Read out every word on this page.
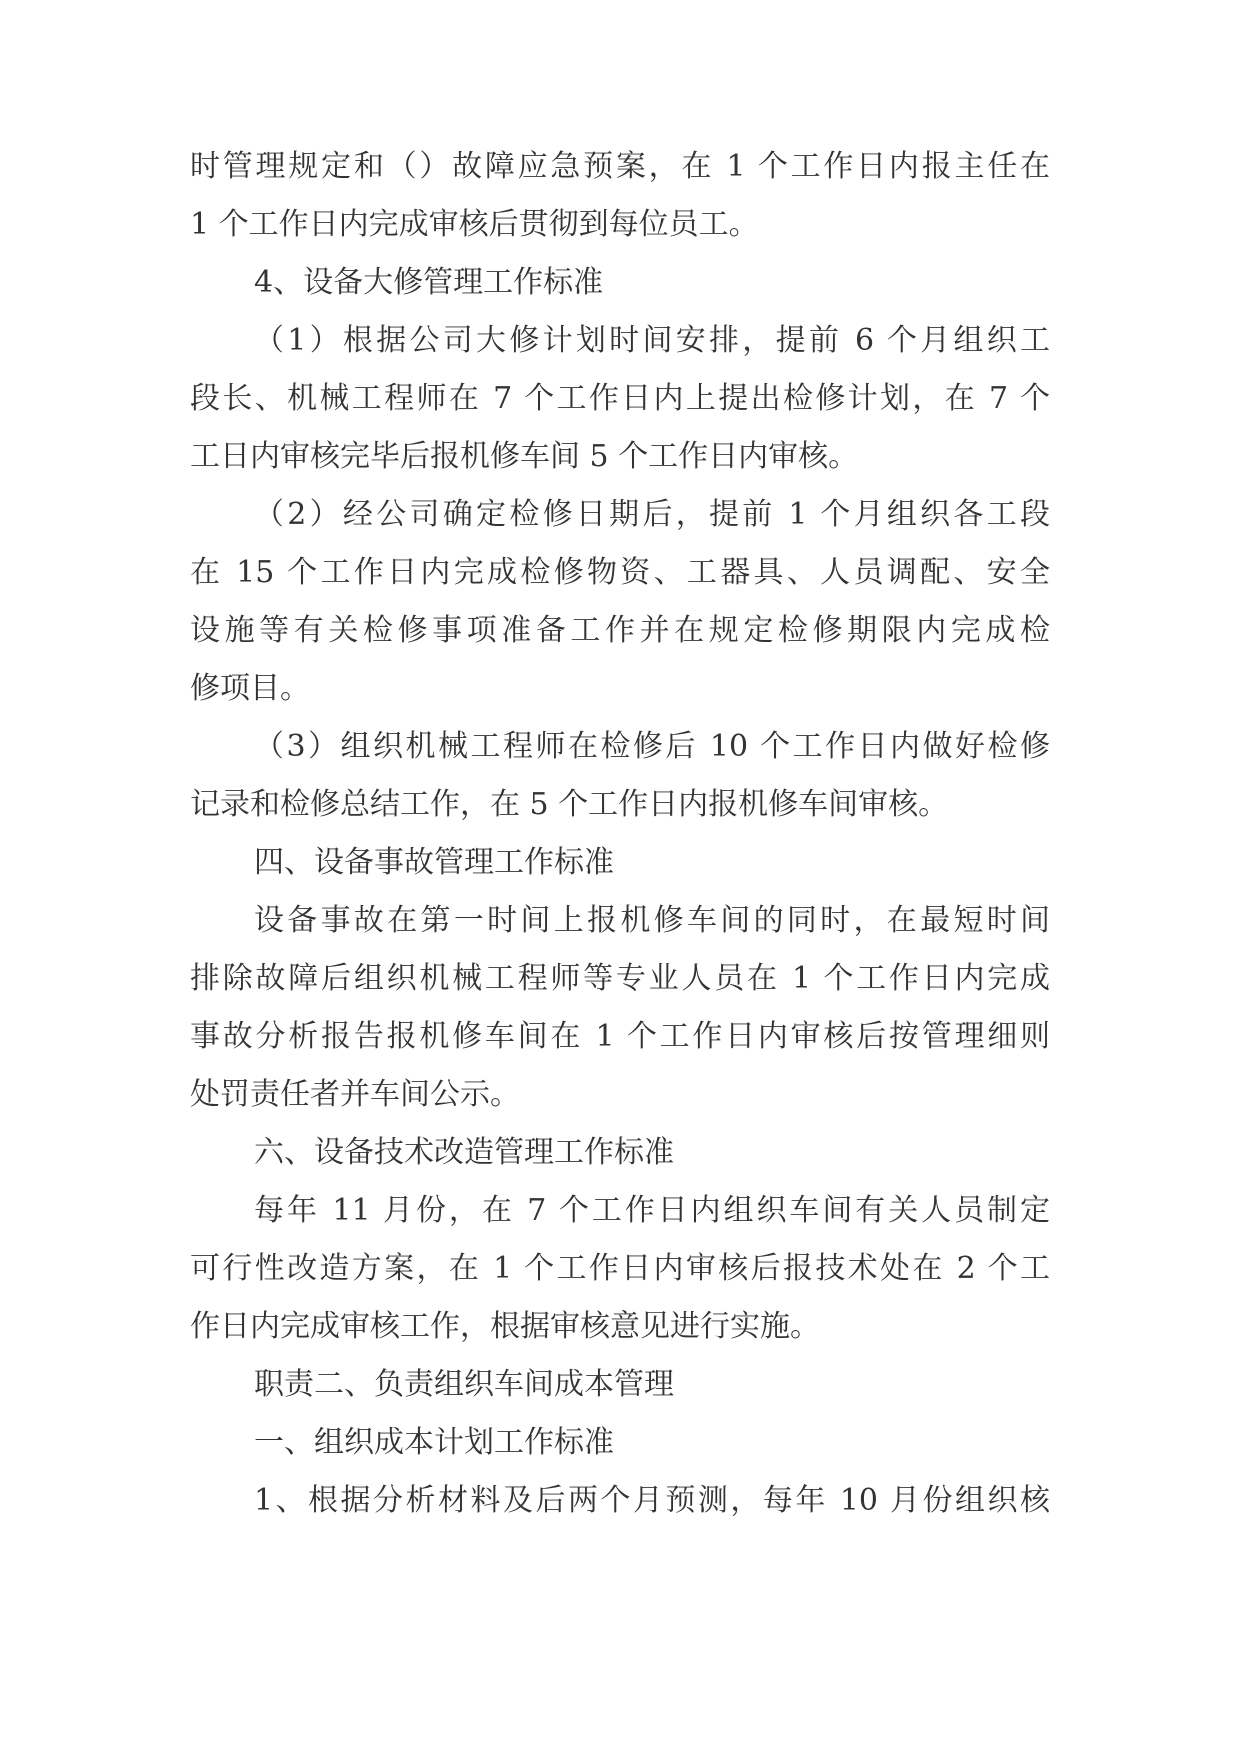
时管理规定和（）故障应急预案，在 1 个工作日内报主任在
1 个工作日内完成审核后贯彻到每位员工。
4、设备大修管理工作标准
（1）根据公司大修计划时间安排，提前 6 个月组织工
段长、机械工程师在 7 个工作日内上提出检修计划，在 7 个
工日内审核完毕后报机修车间 5 个工作日内审核。
（2）经公司确定检修日期后，提前 1 个月组织各工段
在 15 个工作日内完成检修物资、工器具、人员调配、安全
设施等有关检修事项准备工作并在规定检修期限内完成检
修项目。
（3）组织机械工程师在检修后 10 个工作日内做好检修
记录和检修总结工作，在 5 个工作日内报机修车间审核。
四、设备事故管理工作标准
设备事故在第一时间上报机修车间的同时，在最短时间
排除故障后组织机械工程师等专业人员在 1 个工作日内完成
事故分析报告报机修车间在 1 个工作日内审核后按管理细则
处罚责任者并车间公示。
六、设备技术改造管理工作标准
每年 11 月份，在 7 个工作日内组织车间有关人员制定
可行性改造方案，在 1 个工作日内审核后报技术处在 2 个工
作日内完成审核工作，根据审核意见进行实施。
职责二、负责组织车间成本管理
一、组织成本计划工作标准
1、根据分析材料及后两个月预测，每年 10 月份组织核
